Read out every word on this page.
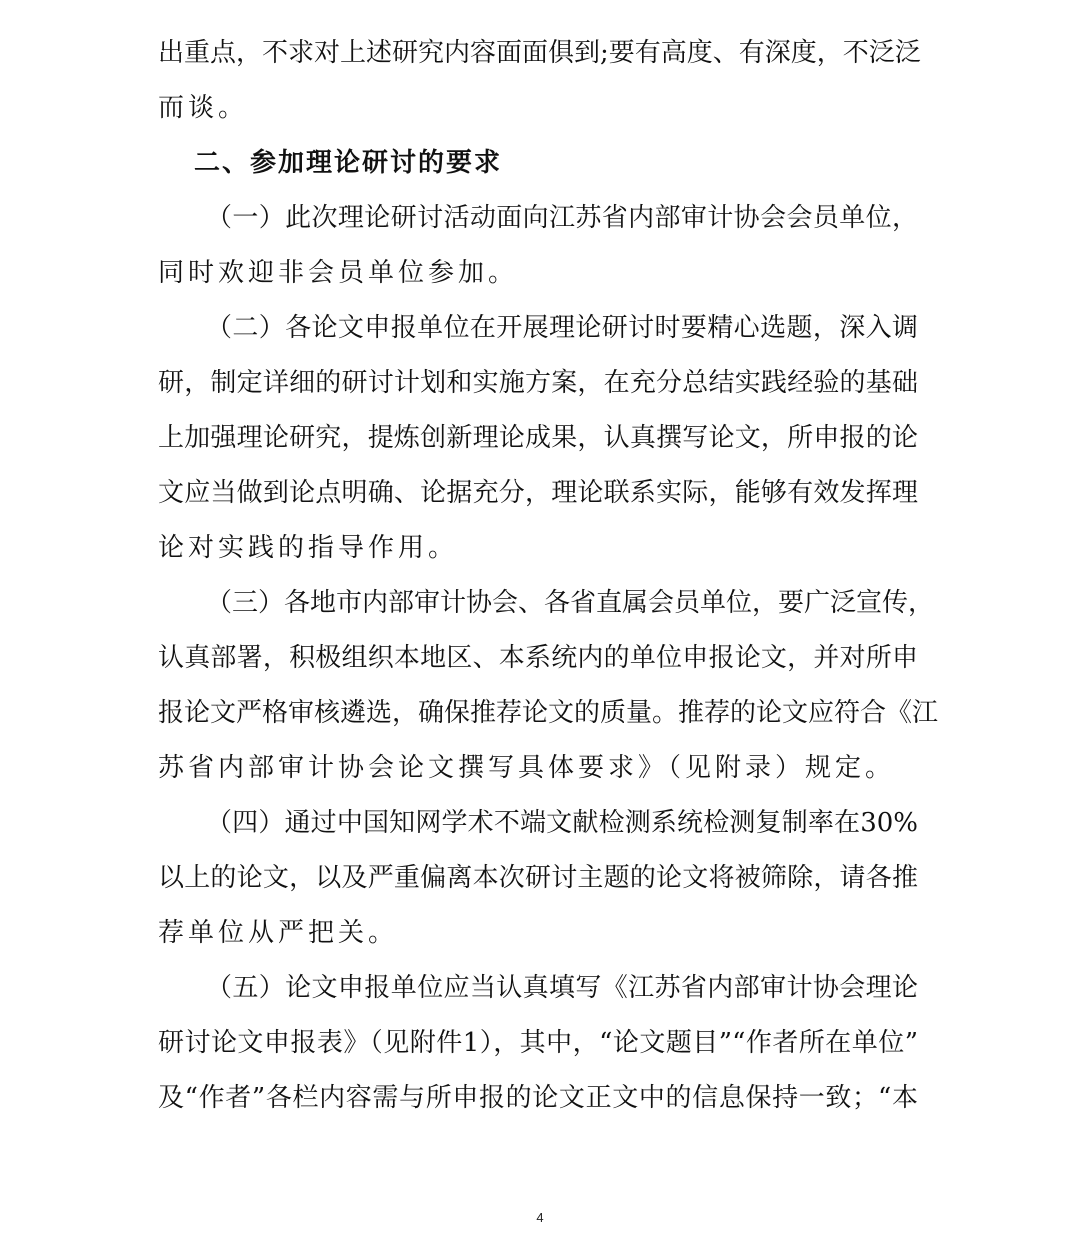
出重点，不求对上述研究内容面面俱到;要有高度、有深度，不泛泛
而谈。
二、参加理论研讨的要求
（一）此次理论研讨活动面向江苏省内部审计协会会员单位，
同时欢迎非会员单位参加。
（二）各论文申报单位在开展理论研讨时要精心选题，深入调
研，制定详细的研讨计划和实施方案，在充分总结实践经验的基础
上加强理论研究，提炼创新理论成果，认真撰写论文，所申报的论
文应当做到论点明确、论据充分，理论联系实际，能够有效发挥理
论对实践的指导作用。
（三）各地市内部审计协会、各省直属会员单位，要广泛宣传，
认真部署，积极组织本地区、本系统内的单位申报论文，并对所申
报论文严格审核遴选，确保推荐论文的质量。推荐的论文应符合《江
苏省内部审计协会论文撰写具体要求》（见附录）规定。
（四）通过中国知网学术不端文献检测系统检测复制率在30%
以上的论文，以及严重偏离本次研讨主题的论文将被筛除，请各推
荐单位从严把关。
（五）论文申报单位应当认真填写《江苏省内部审计协会理论
研讨论文申报表》（见附件1），其中，“论文题目”“作者所在单位”
及“作者”各栏内容需与所申报的论文正文中的信息保持一致；“本
4
